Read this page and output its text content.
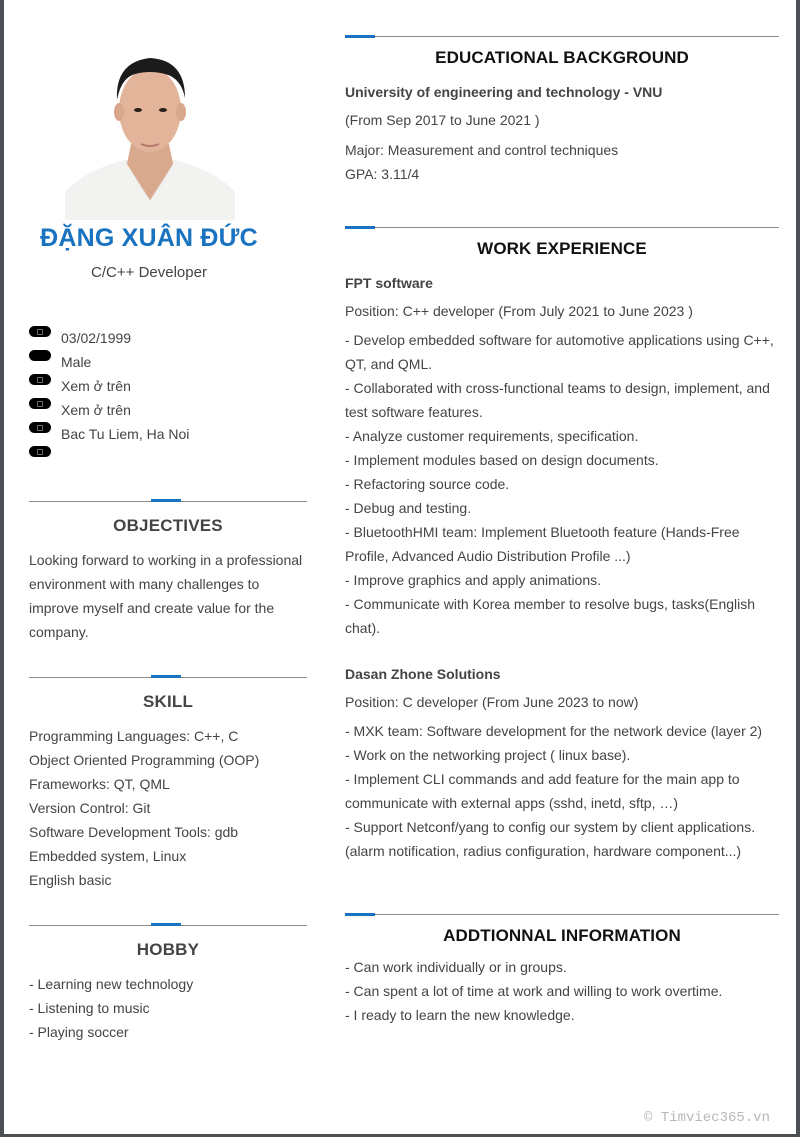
ĐẶNG XUÂN ĐỨC
C/C++ Developer
03/02/1999
Male
Xem ở trên
Xem ở trên
Bac Tu Liem, Ha Noi
OBJECTIVES
Looking forward to working in a professional environment with many challenges to improve myself and create value for the company.
SKILL
Programming Languages: C++, C
Object Oriented Programming (OOP)
Frameworks: QT, QML
Version Control: Git
Software Development Tools: gdb
Embedded system, Linux
English basic
HOBBY
- Learning new technology
- Listening to music
- Playing soccer
EDUCATIONAL BACKGROUND
University of engineering and technology - VNU
(From Sep 2017 to June 2021 )
Major: Measurement and control techniques
GPA: 3.11/4
WORK EXPERIENCE
FPT software
Position: C++ developer (From July 2021 to June 2023 )
- Develop embedded software for automotive applications using C++, QT, and QML.
- Collaborated with cross-functional teams to design, implement, and test software features.
- Analyze customer requirements, specification.
- Implement modules based on design documents.
- Refactoring source code.
- Debug and testing.
- BluetoothHMI team: Implement Bluetooth feature (Hands-Free Profile, Advanced Audio Distribution Profile ...)
- Improve graphics and apply animations.
- Communicate with Korea member to resolve bugs, tasks(English chat).
Dasan Zhone Solutions
Position: C developer (From June 2023 to now)
- MXK team: Software development for the network device (layer 2)
- Work on the networking project ( linux base).
- Implement CLI commands and add feature for the main app to communicate with external apps (sshd, inetd, sftp, …)
- Support Netconf/yang to config our system by client applications. (alarm notification, radius configuration, hardware component...)
ADDTIONNAL INFORMATION
- Can work individually or in groups.
- Can spent a lot of time at work and willing to work overtime.
- I ready to learn the new knowledge.
© Timviec365.vn
